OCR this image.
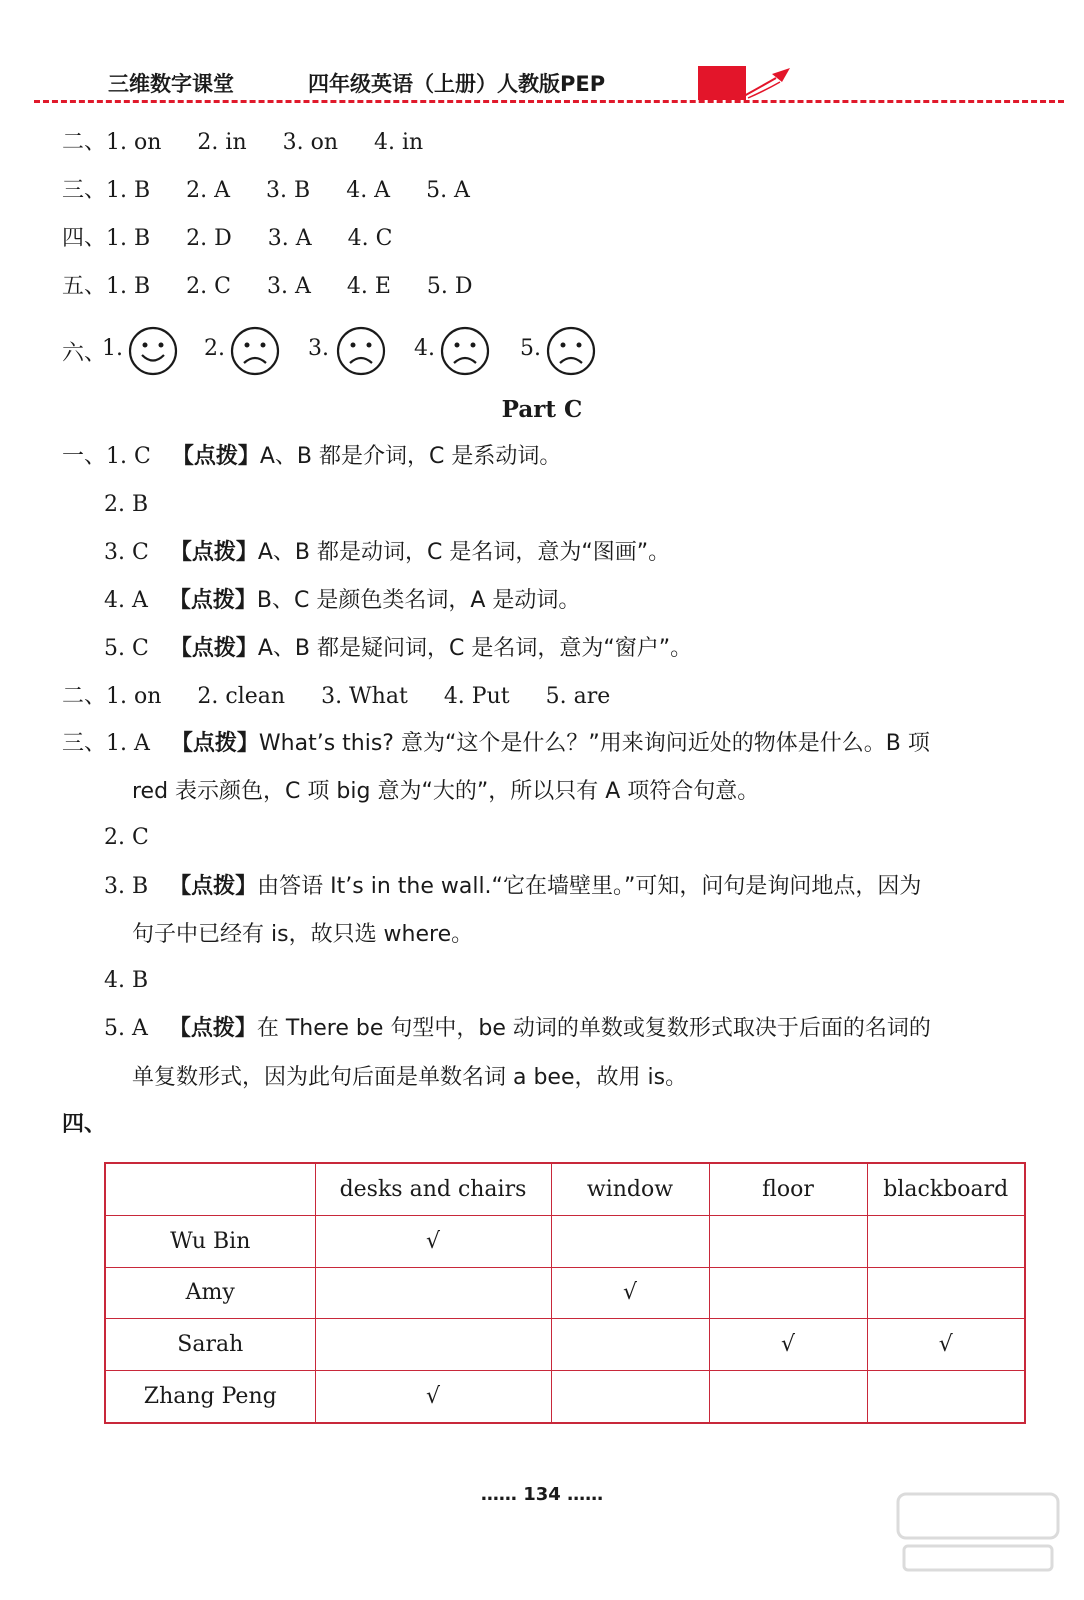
三维数字课堂	四年级英语（上册）人教版PEP
二、1. on 2. in 3. on 4. in
三、1. B 2. A 3. B 4. A 5. A
四、1. B 2. D 3. A 4. C
五、1. B 2. C 3. A 4. E 5. D
六、
1.	2.	3.	4.	5.
Part C
一、1. C 【点拨】A、B 都是介词，C 是系动词。
2. B
3. C 【点拨】A、B 都是动词，C 是名词，意为“图画”。
4. A 【点拨】B、C 是颜色类名词，A 是动词。
5. C 【点拨】A、B 都是疑问词，C 是名词，意为“窗户”。
二、1. on 2. clean 3. What 4. Put 5. are
三、1. A 【点拨】What’s this? 意为“这个是什么？”用来询问近处的物体是什么。B 项
red 表示颜色，C 项 big 意为“大的”，所以只有 A 项符合句意。
2. C
3. B 【点拨】由答语 It’s in the wall.“它在墙壁里。”可知，问句是询问地点，因为
句子中已经有 is，故只选 where。
4. B
5. A 【点拨】在 There be 句型中，be 动词的单数或复数形式取决于后面的名词的
单复数形式，因为此句后面是单数名词 a bee，故用 is。
四、
	desks and chairs	window	floor	blackboard
Wu Bin	√			
Amy		√		
Sarah			√	√
Zhang Peng	√			
…… 134 ……
